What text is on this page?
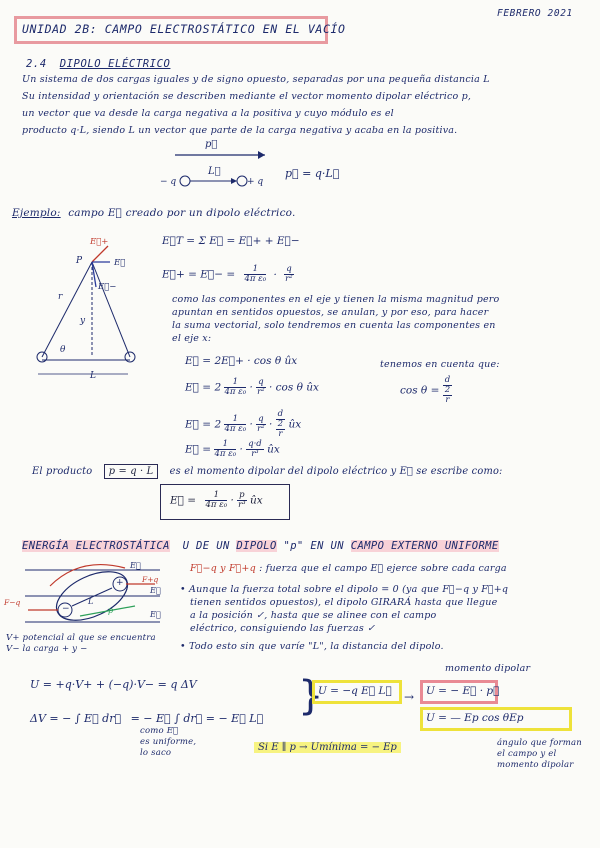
UNIDAD 2B: CAMPO ELECTROSTÁTICO EN EL VACÍO
FEBRERO 2021
2.4 DIPOLO ELÉCTRICO
Un sistema de dos cargas iguales y de signo opuesto, separadas por una pequeña distancia L
Su intensidad y orientación se describen mediante el vector momento dipolar eléctrico p,
un vector que va desde la carga negativa a la positiva y cuyo módulo es el
producto q·L, siendo L un vector que parte de la carga negativa y acaba en la positiva.
p⃗
L⃗
− q	+ q
p⃗ = q·L⃗
Ejemplo: campo E⃗ creado por un dipolo eléctrico.
E⃗+
E⃗
E⃗−
P
r
y
θ
L
E⃗T = Σ E⃗ = E⃗+ + E⃗−
E⃗+ = E⃗− = $\frac{1}{\text{4π ε₀}} \cdot \frac{q}{\text{r²}}$
como las componentes en el eje y tienen la misma magnitud pero
apuntan en sentidos opuestos, se anulan, y por eso, para hacer
la suma vectorial, solo tendremos en cuenta las componentes en
el eje x:
E⃗ = 2E⃗+ · cos θ ûx
E⃗ = $2 \frac{1}{\text{4π ε₀}} \cdot \frac{q}{\text{r²}} \cdot \cos \theta$ ûx
E⃗ = $2 \frac{1}{\text{4π ε₀}} \cdot \frac{q}{\text{r²}}$ ·
d
2
r
ûx
E⃗ = $\frac{1}{\text{4π ε₀}} \cdot \frac{q\cdot d}{\text{r³}}$ ûx
tenemos en cuenta que:
cos θ =
d
2
r
El producto p = q · L es el momento dipolar del dipolo eléctrico y E⃗ se escribe como:
E⃗ = $\frac{1}{\text{4π ε₀}} \cdot \frac{p}{\text{r³}}$ ûx
ENERGÍA ELECTROSTÁTICA U DE UN DIPOLO "p" EN UN CAMPO EXTERNO UNIFORME
E⃗
E⃗
E⃗
F+q
F−q	L
p
−
+
F⃗−q y F⃗+q : fuerza que el campo E⃗ ejerce sobre cada carga
• Aunque la fuerza total sobre el dipolo = 0 (ya que F⃗−q y F⃗+q
tienen sentidos opuestos), el dipolo GIRARÁ hasta que llegue
a la posición ✓, hasta que se alinee con el campo
eléctrico, consiguiendo las fuerzas ✓
• Todo esto sin que varíe "L", la distancia del dipolo.
V+ potencial al que se encuentra
V− la carga + y −
U = +q·V+ + (−q)·V− = q ΔV
ΔV = − ∫ E⃗ dr⃗ = − E⃗ ∫ dr⃗ = − E⃗ L⃗
como E⃗
es uniforme,
lo saco
}
U = −q E⃗ L⃗ → U = − E⃗ · p⃗
momento dipolar
U = — Ep cos θEp
ángulo que forman
el campo y el
momento dipolar
Si E ∥ p → Umínima = − Ep
